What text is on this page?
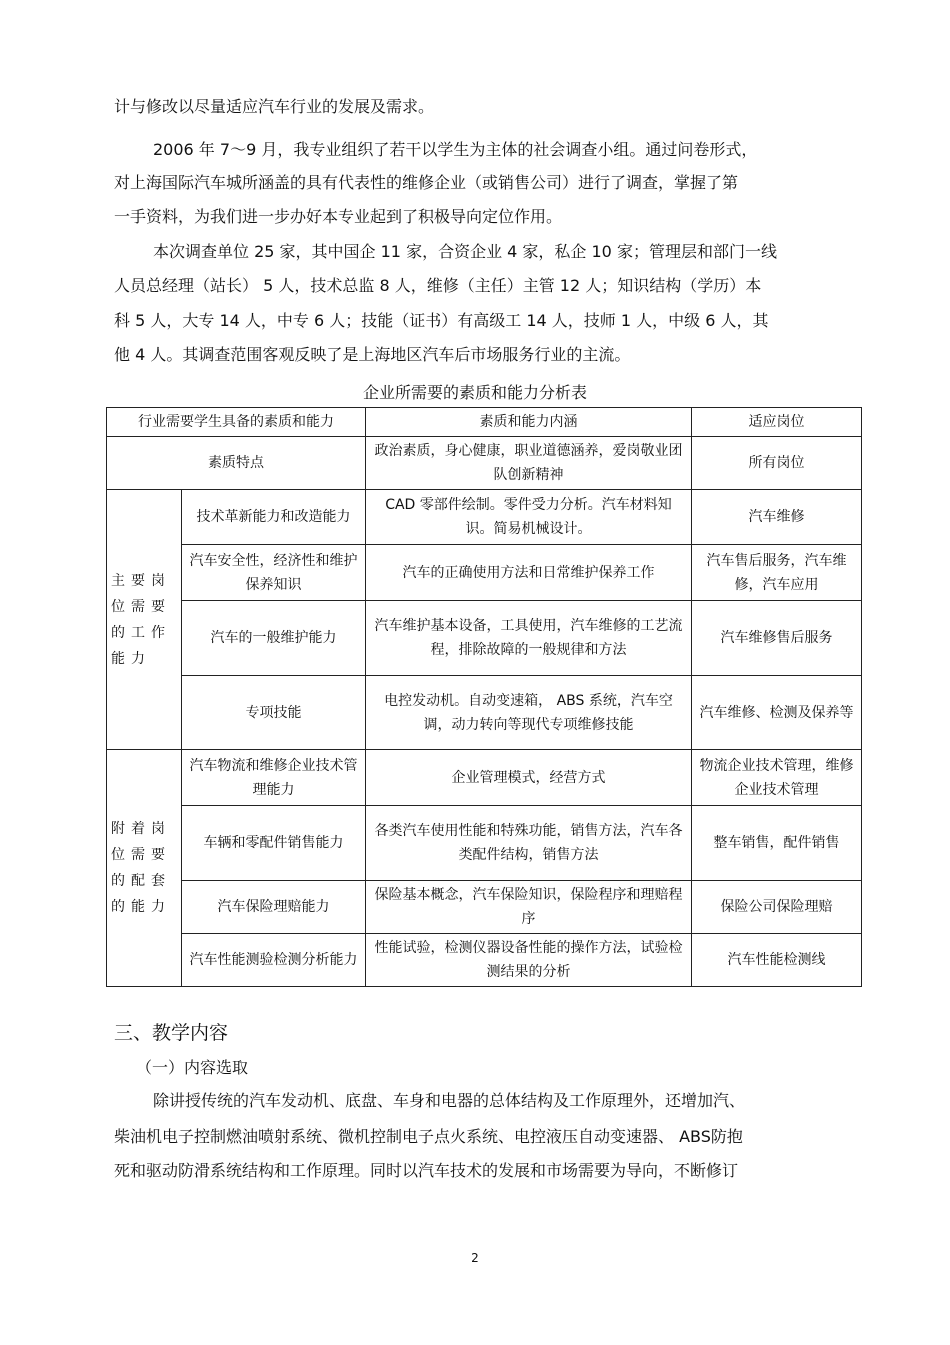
计与修改以尽量适应汽车行业的发展及需求。
2006 年 7～9 月，我专业组织了若干以学生为主体的社会调查小组。通过问卷形式，
对上海国际汽车城所涵盖的具有代表性的维修企业（或销售公司）进行了调查，掌握了第
一手资料，为我们进一步办好本专业起到了积极导向定位作用。
本次调查单位 25 家，其中国企 11 家，合资企业 4 家，私企 10 家；管理层和部门一线
人员总经理（站长） 5 人，技术总监 8 人，维修（主任）主管 12 人；知识结构（学历）本
科 5 人，大专 14 人，中专 6 人；技能（证书）有高级工 14 人，技师 1 人，中级 6 人，其
他 4 人。其调查范围客观反映了是上海地区汽车后市场服务行业的主流。
企业所需要的素质和能力分析表
行业需要学生具备的素质和能力		素质和能力内涵	适应岗位
素质特点		政治素质，身心健康，职业道德涵养，爱岗敬业团队创新精神	所有岗位
主要岗位需要的工作能力	技术革新能力和改造能力	CAD 零部件绘制。零件受力分析。汽车材料知识。简易机械设计。	汽车维修
	汽车安全性，经济性和维护保养知识	汽车的正确使用方法和日常维护保养工作	汽车售后服务，汽车维修，汽车应用
	汽车的一般维护能力	汽车维护基本设备，工具使用，汽车维修的工艺流程，排除故障的一般规律和方法	汽车维修售后服务
	专项技能	电控发动机。自动变速箱， ABS 系统，汽车空调，动力转向等现代专项维修技能	汽车维修、检测及保养等
附着岗位需要的配套的能力	汽车物流和维修企业技术管理能力	企业管理模式，经营方式	物流企业技术管理，维修企业技术管理
	车辆和零配件销售能力	各类汽车使用性能和特殊功能，销售方法，汽车各类配件结构，销售方法	整车销售，配件销售
	汽车保险理赔能力	保险基本概念，汽车保险知识，保险程序和理赔程序	保险公司保险理赔
	汽车性能测验检测分析能力	性能试验，检测仪器设备性能的操作方法，试验检测结果的分析	汽车性能检测线
三、教学内容
（一）内容选取
除讲授传统的汽车发动机、底盘、车身和电器的总体结构及工作原理外，还增加汽、
柴油机电子控制燃油喷射系统、微机控制电子点火系统、电控液压自动变速器、 ABS防抱
死和驱动防滑系统结构和工作原理。同时以汽车技术的发展和市场需要为导向，不断修订
2
